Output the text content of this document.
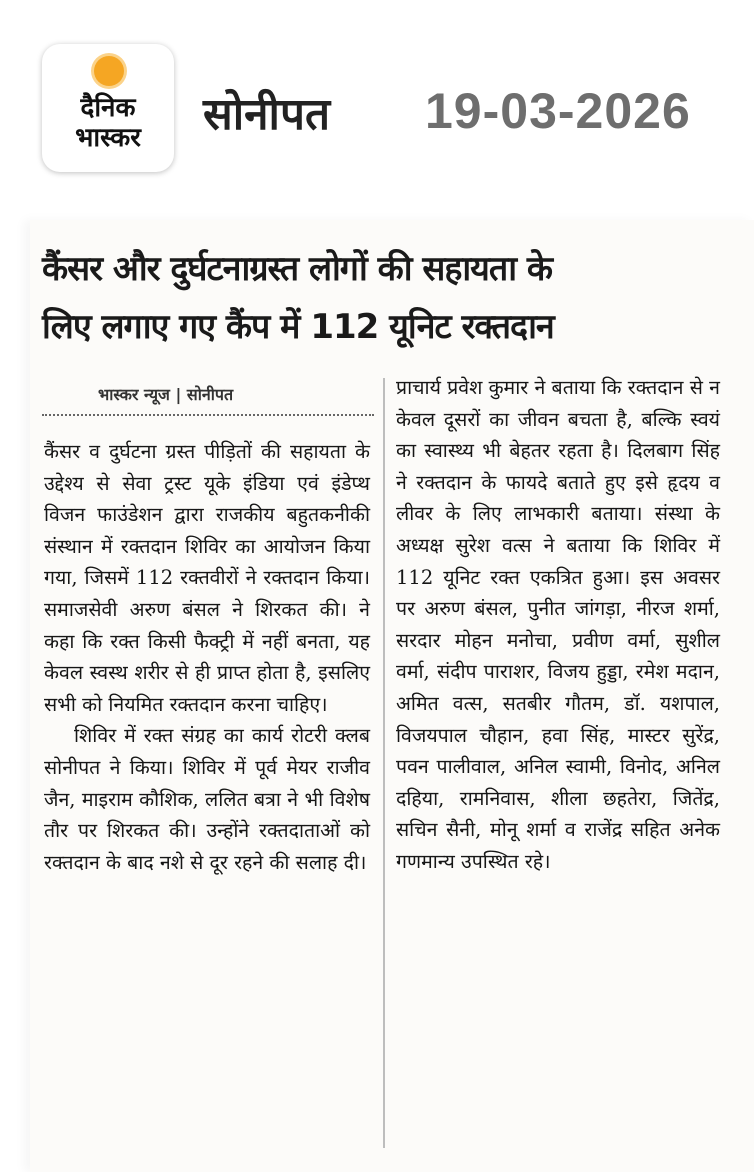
दैनिक
भास्कर	सोनीपत 19-03-2026
कैंसर और दुर्घटनाग्रस्त लोगों की सहायता के
लिए लगाए गए कैंप में 112 यूनिट रक्तदान
भास्कर न्यूज | सोनीपत

कैंसर व दुर्घटना ग्रस्त पीड़ितों की सहायता के उद्देश्य से सेवा ट्रस्ट यूके इंडिया एवं इंडेप्थ विजन फाउंडेशन द्वारा राजकीय बहुतकनीकी संस्थान में रक्तदान शिविर का आयोजन किया गया, जिसमें 112 रक्तवीरों ने रक्तदान किया। समाजसेवी अरुण बंसल ने शिरकत की। ने कहा कि रक्त किसी फैक्ट्री में नहीं बनता, यह केवल स्वस्थ शरीर से ही प्राप्त होता है, इसलिए सभी को नियमित रक्तदान करना चाहिए।

शिविर में रक्त संग्रह का कार्य रोटरी क्लब सोनीपत ने किया। शिविर में पूर्व मेयर राजीव जैन, माइराम कौशिक, ललित बत्रा ने भी विशेष तौर पर शिरकत की। उन्होंने रक्तदाताओं को रक्तदान के बाद नशे से दूर रहने की सलाह दी।

प्राचार्य प्रवेश कुमार ने बताया कि रक्तदान से न केवल दूसरों का जीवन बचता है, बल्कि स्वयं का स्वास्थ्य भी बेहतर रहता है। दिलबाग सिंह ने रक्तदान के फायदे बताते हुए इसे हृदय व लीवर के लिए लाभकारी बताया। संस्था के अध्यक्ष सुरेश वत्स ने बताया कि शिविर में 112 यूनिट रक्त एकत्रित हुआ। इस अवसर पर अरुण बंसल, पुनीत जांगड़ा, नीरज शर्मा, सरदार मोहन मनोचा, प्रवीण वर्मा, सुशील वर्मा, संदीप पाराशर, विजय हुड्डा, रमेश मदान, अमित वत्स, सतबीर गौतम, डॉ. यशपाल, विजयपाल चौहान, हवा सिंह, मास्टर सुरेंद्र, पवन पालीवाल, अनिल स्वामी, विनोद, अनिल दहिया, रामनिवास, शीला छहतेरा, जितेंद्र, सचिन सैनी, मोनू शर्मा व राजेंद्र सहित अनेक गणमान्य उपस्थित रहे।
